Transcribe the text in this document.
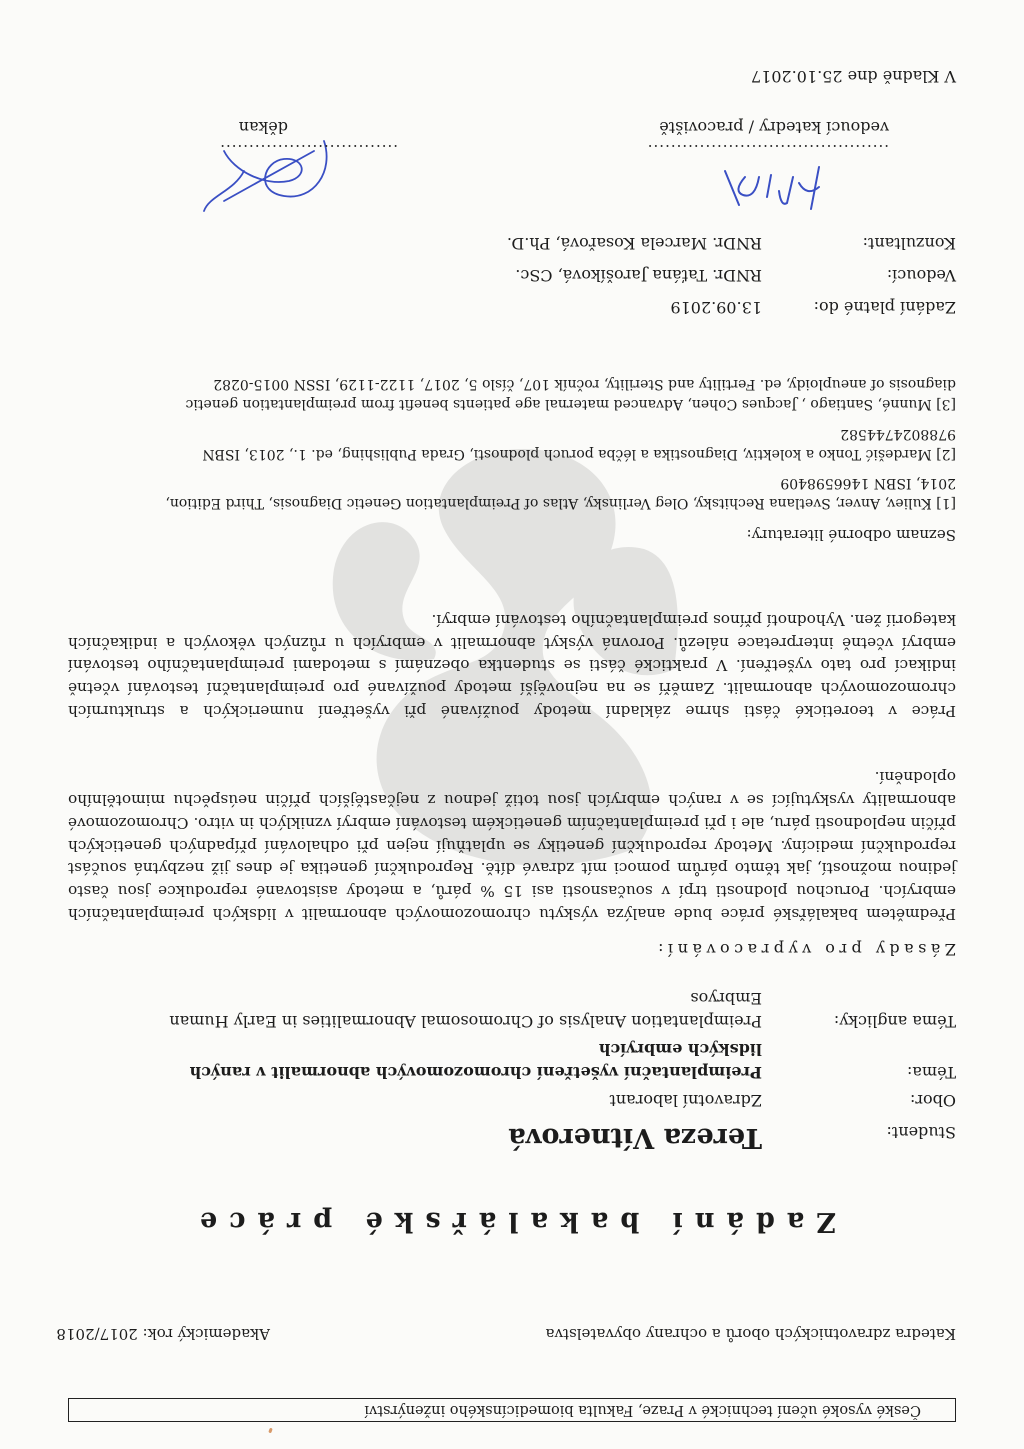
České vysoké učení technické v Praze, Fakulta biomedicínského inženýrství
Katedra zdravotnických oborů a ochrany obyvatelstva
Akademický rok: 2017/2018
Zadání bakalářské práce
Student:
Tereza Vítnerová
Obor:
Zdravotní laborant
Téma:
Preimplantační vyšetření chromozomových abnormalit v raných
lidských embryích
Téma anglicky:
Preimplantation Analysis of Chromosomal Abnormalities in Early Human
Embryos
Zásady pro vypracování:
Předmětem bakalářské práce bude analýza výskytu chromozomových abnormalit v lidských preimplantačních embryích. Poruchou plodnosti trpí v současnosti asi 15 % párů, a metody asistované reprodukce jsou často jedinou možností, jak těmto párům pomoci mít zdravé dítě. Reprodukční genetika je dnes již nezbytná součást reprodukční medicíny. Metody reprodukční genetiky se uplatňují nejen při odhalování případných genetických příčin neplodnosti páru, ale i při preimplantačním genetickém testování embryí vzniklých in vitro. Chromozomové abnormality vyskytující se v raných embryích jsou totiž jednou z nejčastějších příčin neúspěchu mimotělního oplodnění.
Práce v teoretické části shrne základní metody používané při vyšetření numerických a strukturních chromozomových abnormalit. Zaměří se na nejnovější metody používané pro preimplantační testování včetně indikací pro tato vyšetření. V praktické části se studentka obeznámí s metodami preimplantačního testování embryí včetně interpretace nálezů. Porovná výskyt abnormalit v embryích u různých věkových a indikačních kategorií žen. Vyhodnotí přínos preimplantačního testování embryí.
Seznam odborné literatury:
[1] Kuliev, Anver, Svetlana Rechitsky, Oleg Verlinsky, Atlas of Preimplantation Genetic Diagnosis, Third Edition,
2014, ISBN 1466598409
[2] Mardešić Tonko a kolektiv, Diagnostika a léčba poruch plodnosti, Grada Publishing, ed. 1., 2013, ISBN
9788024744582
[3] Munné, Santiago , Jacques Cohen, Advanced maternal age patients benefit from preimplantation genetic
diagnosis of aneuploidy, ed. Fertility and Sterility, ročník 107, číslo 5, 2017, 1122-1129, ISSN 0015-0282
Zadání platné do:
13.09.2019
Vedoucí:
RNDr. Taťána Jarošíková, CSc.
Konzultant:
RNDr. Marcela Kosařová, Ph.D.
..........................................
vedoucí katedry / pracoviště
...............................
děkan
V Kladně dne 25.10.2017
